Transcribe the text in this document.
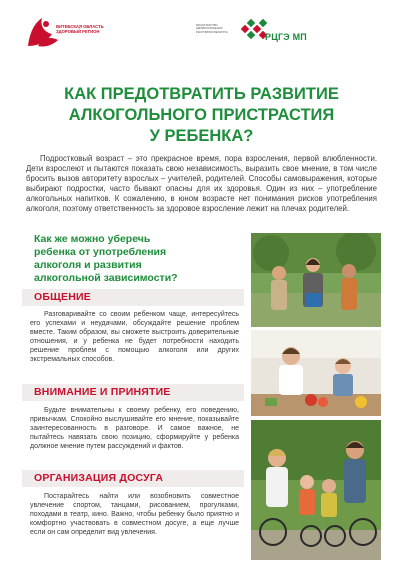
ВИТЕБСКАЯ ОБЛАСТЬ ЗДОРОВЫЙ РЕГИОН
МИНИСТЕРСТВО ЗДРАВООХРАНЕНИЯ РЕСПУБЛИКИ БЕЛАРУСЬ	РЦГЭ МП
КАК ПРЕДОТВРАТИТЬ РАЗВИТИЕ
АЛКОГОЛЬНОГО ПРИСТРАСТИЯ
У РЕБЕНКА?

Подростковый возраст – это прекрасное время, пора взросления, первой влюбленности. Дети взрослеют и пытаются показать свою независимость, выразить свое мнение, в том числе бросить вызов авторитету взрослых – учителей, родителей. Способы самовыражения, которые выбирают подростки, часто бывают опасны для их здоровья. Один из них – употребление алкогольных напитков. К сожалению, в юном возрасте нет понимания рисков употребления алкоголя, поэтому ответственность за здоровое взросление лежит на плечах родителей.

Как же можно уберечь
ребенка от употребления
алкоголя и развития
алкогольной зависимости?
ОБЩЕНИЕ

Разговаривайте со своим ребенком чаще, интересуйтесь его успехами и неудачами, обсуждайте решение проблем вместе. Таким образом, вы сможете выстроить доверительные отношения, и у ребенка не будет потребности находить решение проблем с помощью алкоголя или других экстремальных способов.

ВНИМАНИЕ И ПРИНЯТИЕ

Будьте внимательны к своему ребенку, его поведению, привычкам. Спокойно выслушивайте его мнение, показывайте заинтересованность в разговоре. И самое важное, не пытайтесь навязать свою позицию, сформируйте у ребенка должное мнение путем рассуждений и фактов.

ОРГАНИЗАЦИЯ ДОСУГА

Постарайтесь найти или возобновить совместное увлечение спортом, танцами, рисованием, прогулками, походами в театр, кино. Важно, чтобы ребенку было приятно и комфортно участвовать в совместном досуге, а еще лучше если он сам определит вид увлечения.
